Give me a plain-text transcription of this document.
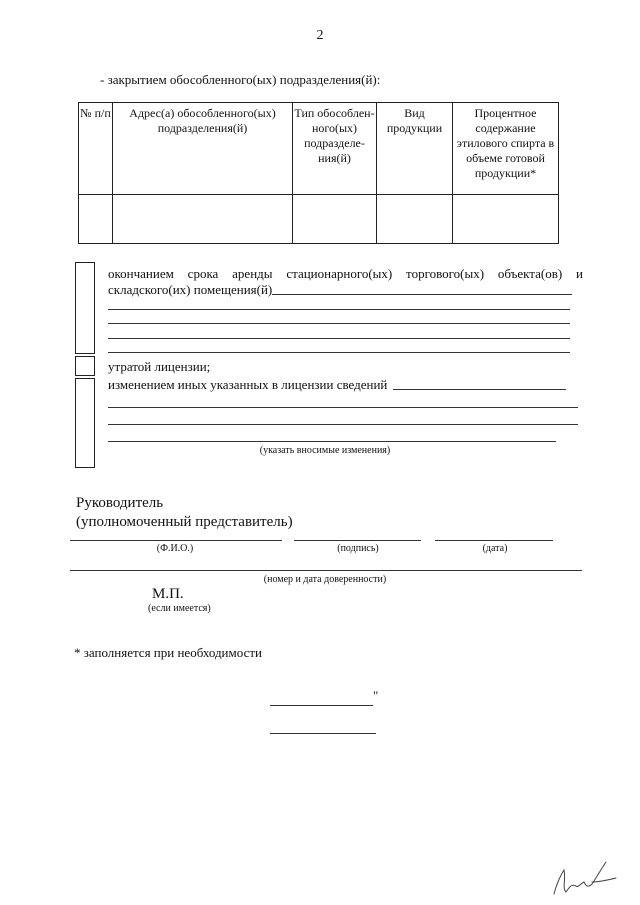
2
- закрытием обособленного(ых) подразделения(й):
№ п/п	Адрес(а) обособленного(ых) подразделения(й)	Тип обособлен-ного(ых) подразделе-ния(й)	Вид продукции	Процентное содержание этилового спирта в объеме готовой продукции*

окончанием срока аренды стационарного(ых) торгового(ых) объекта(ов) и
складского(их) помещения(й)
утратой лицензии;
изменением иных указанных в лицензии сведений
(указать вносимые изменения)
Руководитель
(уполномоченный представитель)
(Ф.И.О.)	(подпись)	(дата)
(номер и дата доверенности)
М.П.
(если имеется)
* заполняется при необходимости
"
